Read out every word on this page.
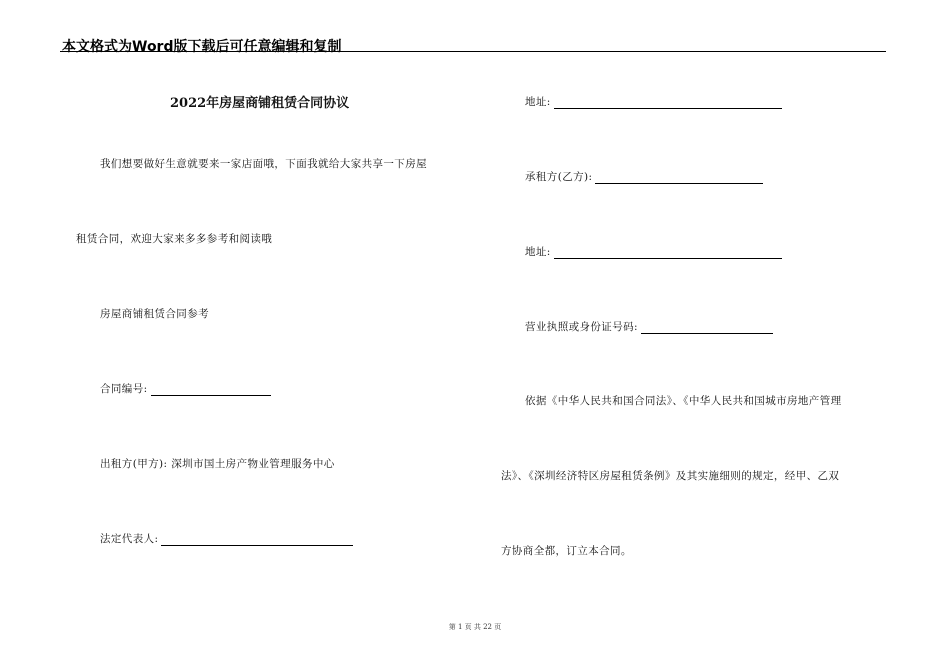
本文格式为Word版下载后可任意编辑和复制
2022年房屋商铺租赁合同协议
我们想要做好生意就要来一家店面哦，下面我就给大家共享一下房屋
租赁合同，欢迎大家来多多参考和阅读哦
房屋商铺租赁合同参考
合同编号:
出租方(甲方): 深圳市国土房产物业管理服务中心
法定代表人:
地址:
承租方(乙方):
地址:
营业执照或身份证号码:
依据《中华人民共和国合同法》、《中华人民共和国城市房地产管理
法》、《深圳经济特区房屋租赁条例》及其实施细则的规定，经甲、乙双
方协商全都，订立本合同。
第 1 页 共 22 页
